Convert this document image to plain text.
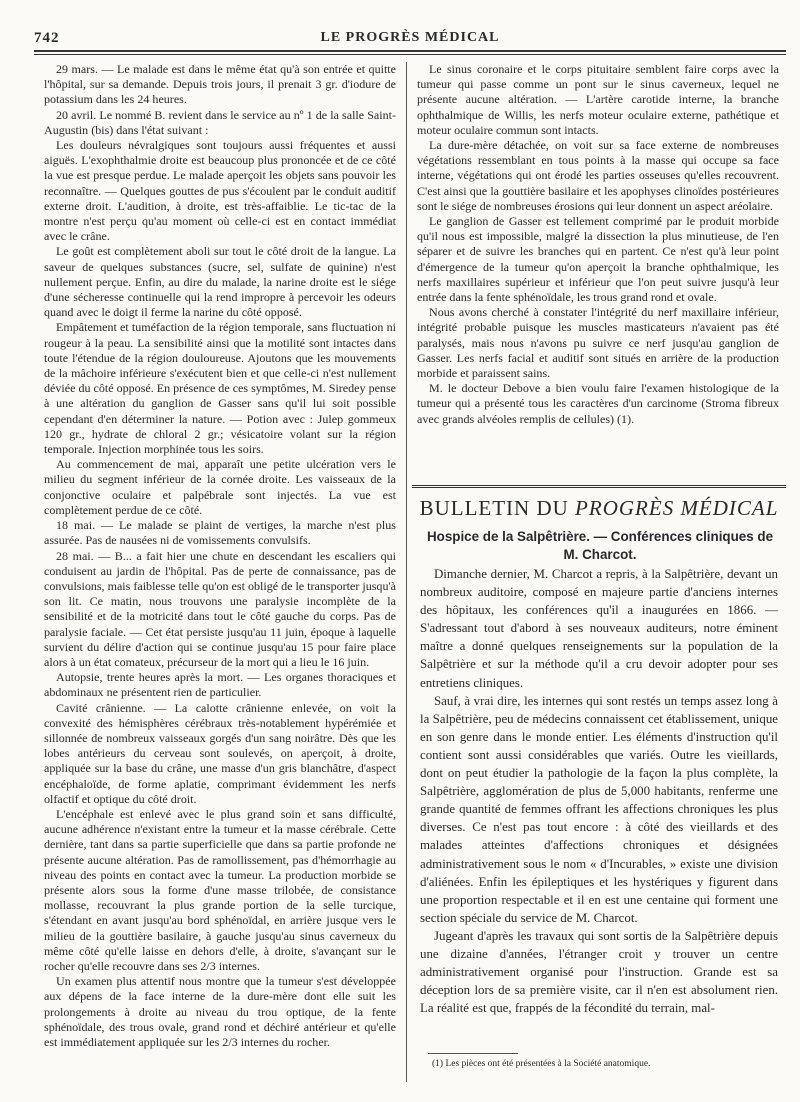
742	LE PROGRÈS MÉDICAL

29 mars. — Le malade est dans le même état qu'à son entrée et quitte l'hôpital, sur sa demande. Depuis trois jours, il prenait 3 gr. d'iodure de potassium dans les 24 heures.

20 avril. Le nommé B. revient dans le service au nº 1 de la salle Saint-Augustin (bis) dans l'état suivant :

Les douleurs névralgiques sont toujours aussi fréquentes et aussi aiguës. L'exophthalmie droite est beaucoup plus prononcée et de ce côté la vue est presque perdue. Le malade aperçoit les objets sans pouvoir les reconnaître. — Quelques gouttes de pus s'écoulent par le conduit auditif externe droit. L'audition, à droite, est très-affaiblie. Le tic-tac de la montre n'est perçu qu'au moment où celle-ci est en contact immédiat avec le crâne.

Le goût est complètement aboli sur tout le côté droit de la langue. La saveur de quelques substances (sucre, sel, sulfate de quinine) n'est nullement perçue. Enfin, au dire du malade, la narine droite est le siége d'une sécheresse continuelle qui la rend impropre à percevoir les odeurs quand avec le doigt il ferme la narine du côté opposé.

Empâtement et tuméfaction de la région temporale, sans fluctuation ni rougeur à la peau. La sensibilité ainsi que la motilité sont intactes dans toute l'étendue de la région douloureuse. Ajoutons que les mouvements de la mâchoire inférieure s'exécutent bien et que celle-ci n'est nullement déviée du côté opposé. En présence de ces symptômes, M. Siredey pense à une altération du ganglion de Gasser sans qu'il lui soit possible cependant d'en déterminer la nature. — Potion avec : Julep gommeux 120 gr., hydrate de chloral 2 gr.; vésicatoire volant sur la région temporale. Injection morphinée tous les soirs.

Au commencement de mai, apparaît une petite ulcération vers le milieu du segment inférieur de la cornée droite. Les vaisseaux de la conjonctive oculaire et palpébrale sont injectés. La vue est complètement perdue de ce côté.

18 mai. — Le malade se plaint de vertiges, la marche n'est plus assurée. Pas de nausées ni de vomissements convulsifs.

28 mai. — B... a fait hier une chute en descendant les escaliers qui conduisent au jardin de l'hôpital. Pas de perte de connaissance, pas de convulsions, mais faiblesse telle qu'on est obligé de le transporter jusqu'à son lit. Ce matin, nous trouvons une paralysie incomplète de la sensibilité et de la motricité dans tout le côté gauche du corps. Pas de paralysie faciale. — Cet état persiste jusqu'au 11 juin, époque à laquelle survient du délire d'action qui se continue jusqu'au 15 pour faire place alors à un état comateux, précurseur de la mort qui a lieu le 16 juin.

Autopsie, trente heures après la mort. — Les organes thoraciques et abdominaux ne présentent rien de particulier.

Cavité crânienne. — La calotte crânienne enlevée, on voit la convexité des hémisphères cérébraux très-notablement hypérémiée et sillonnée de nombreux vaisseaux gorgés d'un sang noirâtre. Dès que les lobes antérieurs du cerveau sont soulevés, on aperçoit, à droite, appliquée sur la base du crâne, une masse d'un gris blanchâtre, d'aspect encéphaloïde, de forme aplatie, comprimant évidemment les nerfs olfactif et optique du côté droit.

L'encéphale est enlevé avec le plus grand soin et sans difficulté, aucune adhérence n'existant entre la tumeur et la masse cérébrale. Cette dernière, tant dans sa partie superficielle que dans sa partie profonde ne présente aucune altération. Pas de ramollissement, pas d'hémorrhagie au niveau des points en contact avec la tumeur. La production morbide se présente alors sous la forme d'une masse trilobée, de consistance mollasse, recouvrant la plus grande portion de la selle turcique, s'étendant en avant jusqu'au bord sphénoïdal, en arrière jusque vers le milieu de la gouttière basilaire, à gauche jusqu'au sinus caverneux du même côté qu'elle laisse en dehors d'elle, à droite, s'avançant sur le rocher qu'elle recouvre dans ses 2/3 internes.

Un examen plus attentif nous montre que la tumeur s'est développée aux dépens de la face interne de la dure-mère dont elle suit les prolongements à droite au niveau du trou optique, de la fente sphénoïdale, des trous ovale, grand rond et déchiré antérieur et qu'elle est immédiatement appliquée sur les 2/3 internes du rocher.

Le sinus coronaire et le corps pituitaire semblent faire corps avec la tumeur qui passe comme un pont sur le sinus caverneux, lequel ne présente aucune altération. — L'artère carotide interne, la branche ophthalmique de Willis, les nerfs moteur oculaire externe, pathétique et moteur oculaire commun sont intacts.

La dure-mère détachée, on voit sur sa face externe de nombreuses végétations ressemblant en tous points à la masse qui occupe sa face interne, végétations qui ont érodé les parties osseuses qu'elles recouvrent. C'est ainsi que la gouttière basilaire et les apophyses clinoïdes postérieures sont le siége de nombreuses érosions qui leur donnent un aspect aréolaire.

Le ganglion de Gasser est tellement comprimé par le produit morbide qu'il nous est impossible, malgré la dissection la plus minutieuse, de l'en séparer et de suivre les branches qui en partent. Ce n'est qu'à leur point d'émergence de la tumeur qu'on aperçoit la branche ophthalmique, les nerfs maxillaires supérieur et inférieur que l'on peut suivre jusqu'à leur entrée dans la fente sphénoïdale, les trous grand rond et ovale.

Nous avons cherché à constater l'intégrité du nerf maxillaire inférieur, intégrité probable puisque les muscles masticateurs n'avaient pas été paralysés, mais nous n'avons pu suivre ce nerf jusqu'au ganglion de Gasser. Les nerfs facial et auditif sont situés en arrière de la production morbide et paraissent sains.

M. le docteur Debove a bien voulu faire l'examen histologique de la tumeur qui a présenté tous les caractères d'un carcinome (Stroma fibreux avec grands alvéoles remplis de cellules) (1).

BULLETIN DU PROGRÈS MÉDICAL
Hospice de la Salpêtrière. — Conférences cliniques de M. Charcot.

Dimanche dernier, M. Charcot a repris, à la Salpêtrière, devant un nombreux auditoire, composé en majeure partie d'anciens internes des hôpitaux, les conférences qu'il a inaugurées en 1866. — S'adressant tout d'abord à ses nouveaux auditeurs, notre éminent maître a donné quelques renseignements sur la population de la Salpêtrière et sur la méthode qu'il a cru devoir adopter pour ses entretiens cliniques.

Sauf, à vrai dire, les internes qui sont restés un temps assez long à la Salpêtrière, peu de médecins connaissent cet établissement, unique en son genre dans le monde entier. Les éléments d'instruction qu'il contient sont aussi considérables que variés. Outre les vieillards, dont on peut étudier la pathologie de la façon la plus complète, la Salpêtrière, agglomération de plus de 5,000 habitants, renferme une grande quantité de femmes offrant les affections chroniques les plus diverses. Ce n'est pas tout encore : à côté des vieillards et des malades atteintes d'affections chroniques et désignées administrativement sous le nom « d'Incurables, » existe une division d'aliénées. Enfin les épileptiques et les hystériques y figurent dans une proportion respectable et il en est une centaine qui forment une section spéciale du service de M. Charcot.

Jugeant d'après les travaux qui sont sortis de la Salpêtrière depuis une dizaine d'années, l'étranger croit y trouver un centre administrativement organisé pour l'instruction. Grande est sa déception lors de sa première visite, car il n'en est absolument rien. La réalité est que, frappés de la fécondité du terrain, mal-

(1) Les pièces ont été présentées à la Société anatomique.
